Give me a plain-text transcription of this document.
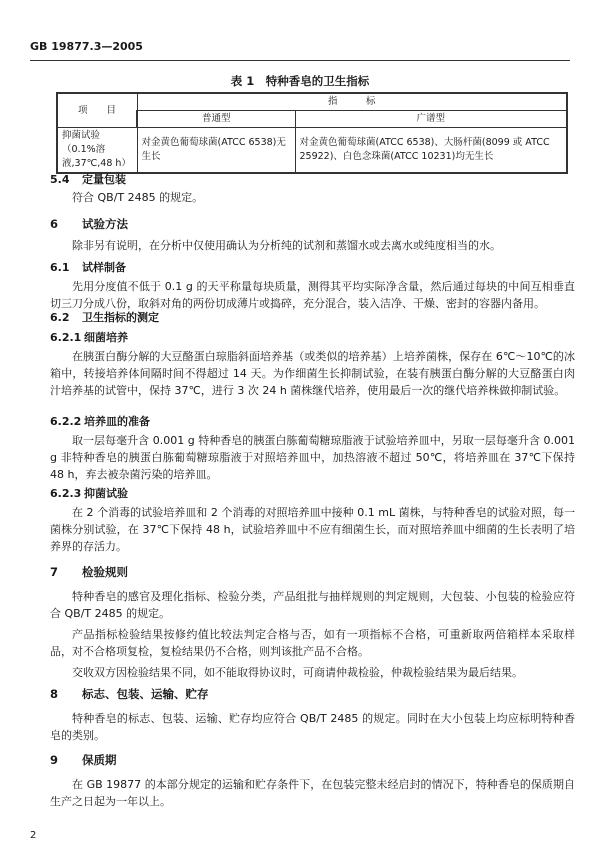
GB 19877.3—2005
表 1　特种香皂的卫生指标
项　　目	指　　　标	
	普通型	广谱型
抑菌试验（0.1%溶液,37℃,48 h）	对金黄色葡萄球菌(ATCC 6538)无生长	对金黄色葡萄球菌(ATCC 6538)、大肠杆菌(8099 或 ATCC 25922)、白色念珠菌(ATCC 10231)均无生长
5.4 定量包装
符合 QB/T 2485 的规定。
6 试验方法
除非另有说明，在分析中仅使用确认为分析纯的试剂和蒸馏水或去离水或纯度相当的水。
6.1 试样制备
先用分度值不低于 0.1 g 的天平称量每块质量，测得其平均实际净含量，然后通过每块的中间互相垂直切三刀分成八份，取斜对角的两份切成薄片或捣碎，充分混合，装入洁净、干燥、密封的容器内备用。
6.2 卫生指标的测定
6.2.1 细菌培养
在胰蛋白酶分解的大豆酪蛋白琼脂斜面培养基（或类似的培养基）上培养菌株，保存在 6℃～10℃的冰箱中，转接培养体间隔时间不得超过 14 天。为作细菌生长抑制试验，在装有胰蛋白酶分解的大豆酪蛋白肉汁培养基的试管中，保持 37℃，进行 3 次 24 h 菌株继代培养，使用最后一次的继代培养株做抑制试验。
6.2.2 培养皿的准备
取一层每毫升含 0.001 g 特种香皂的胰蛋白胨葡萄糖琼脂液于试验培养皿中，另取一层每毫升含 0.001 g 非特种香皂的胰蛋白胨葡萄糖琼脂液于对照培养皿中，加热溶液不超过 50℃，将培养皿在 37℃下保持 48 h，弃去被杂菌污染的培养皿。
6.2.3 抑菌试验
在 2 个消毒的试验培养皿和 2 个消毒的对照培养皿中接种 0.1 mL 菌株，与特种香皂的试验对照，每一菌株分别试验，在 37℃下保持 48 h，试验培养皿中不应有细菌生长，而对照培养皿中细菌的生长表明了培养界的存活力。
7 检验规则
特种香皂的感官及理化指标、检验分类，产品组批与抽样规则的判定规则，大包装、小包装的检验应符合 QB/T 2485 的规定。
产品指标检验结果按修约值比较法判定合格与否，如有一项指标不合格，可重新取两倍箱样本采取样品，对不合格项复检，复检结果仍不合格，则判该批产品不合格。
交收双方因检验结果不同，如不能取得协议时，可商请仲裁检验，仲裁检验结果为最后结果。
8 标志、包装、运输、贮存
特种香皂的标志、包装、运输、贮存均应符合 QB/T 2485 的规定。同时在大小包装上均应标明特种香皂的类别。
9 保质期
在 GB 19877 的本部分规定的运输和贮存条件下，在包装完整未经启封的情况下，特种香皂的保质期自生产之日起为一年以上。
2
